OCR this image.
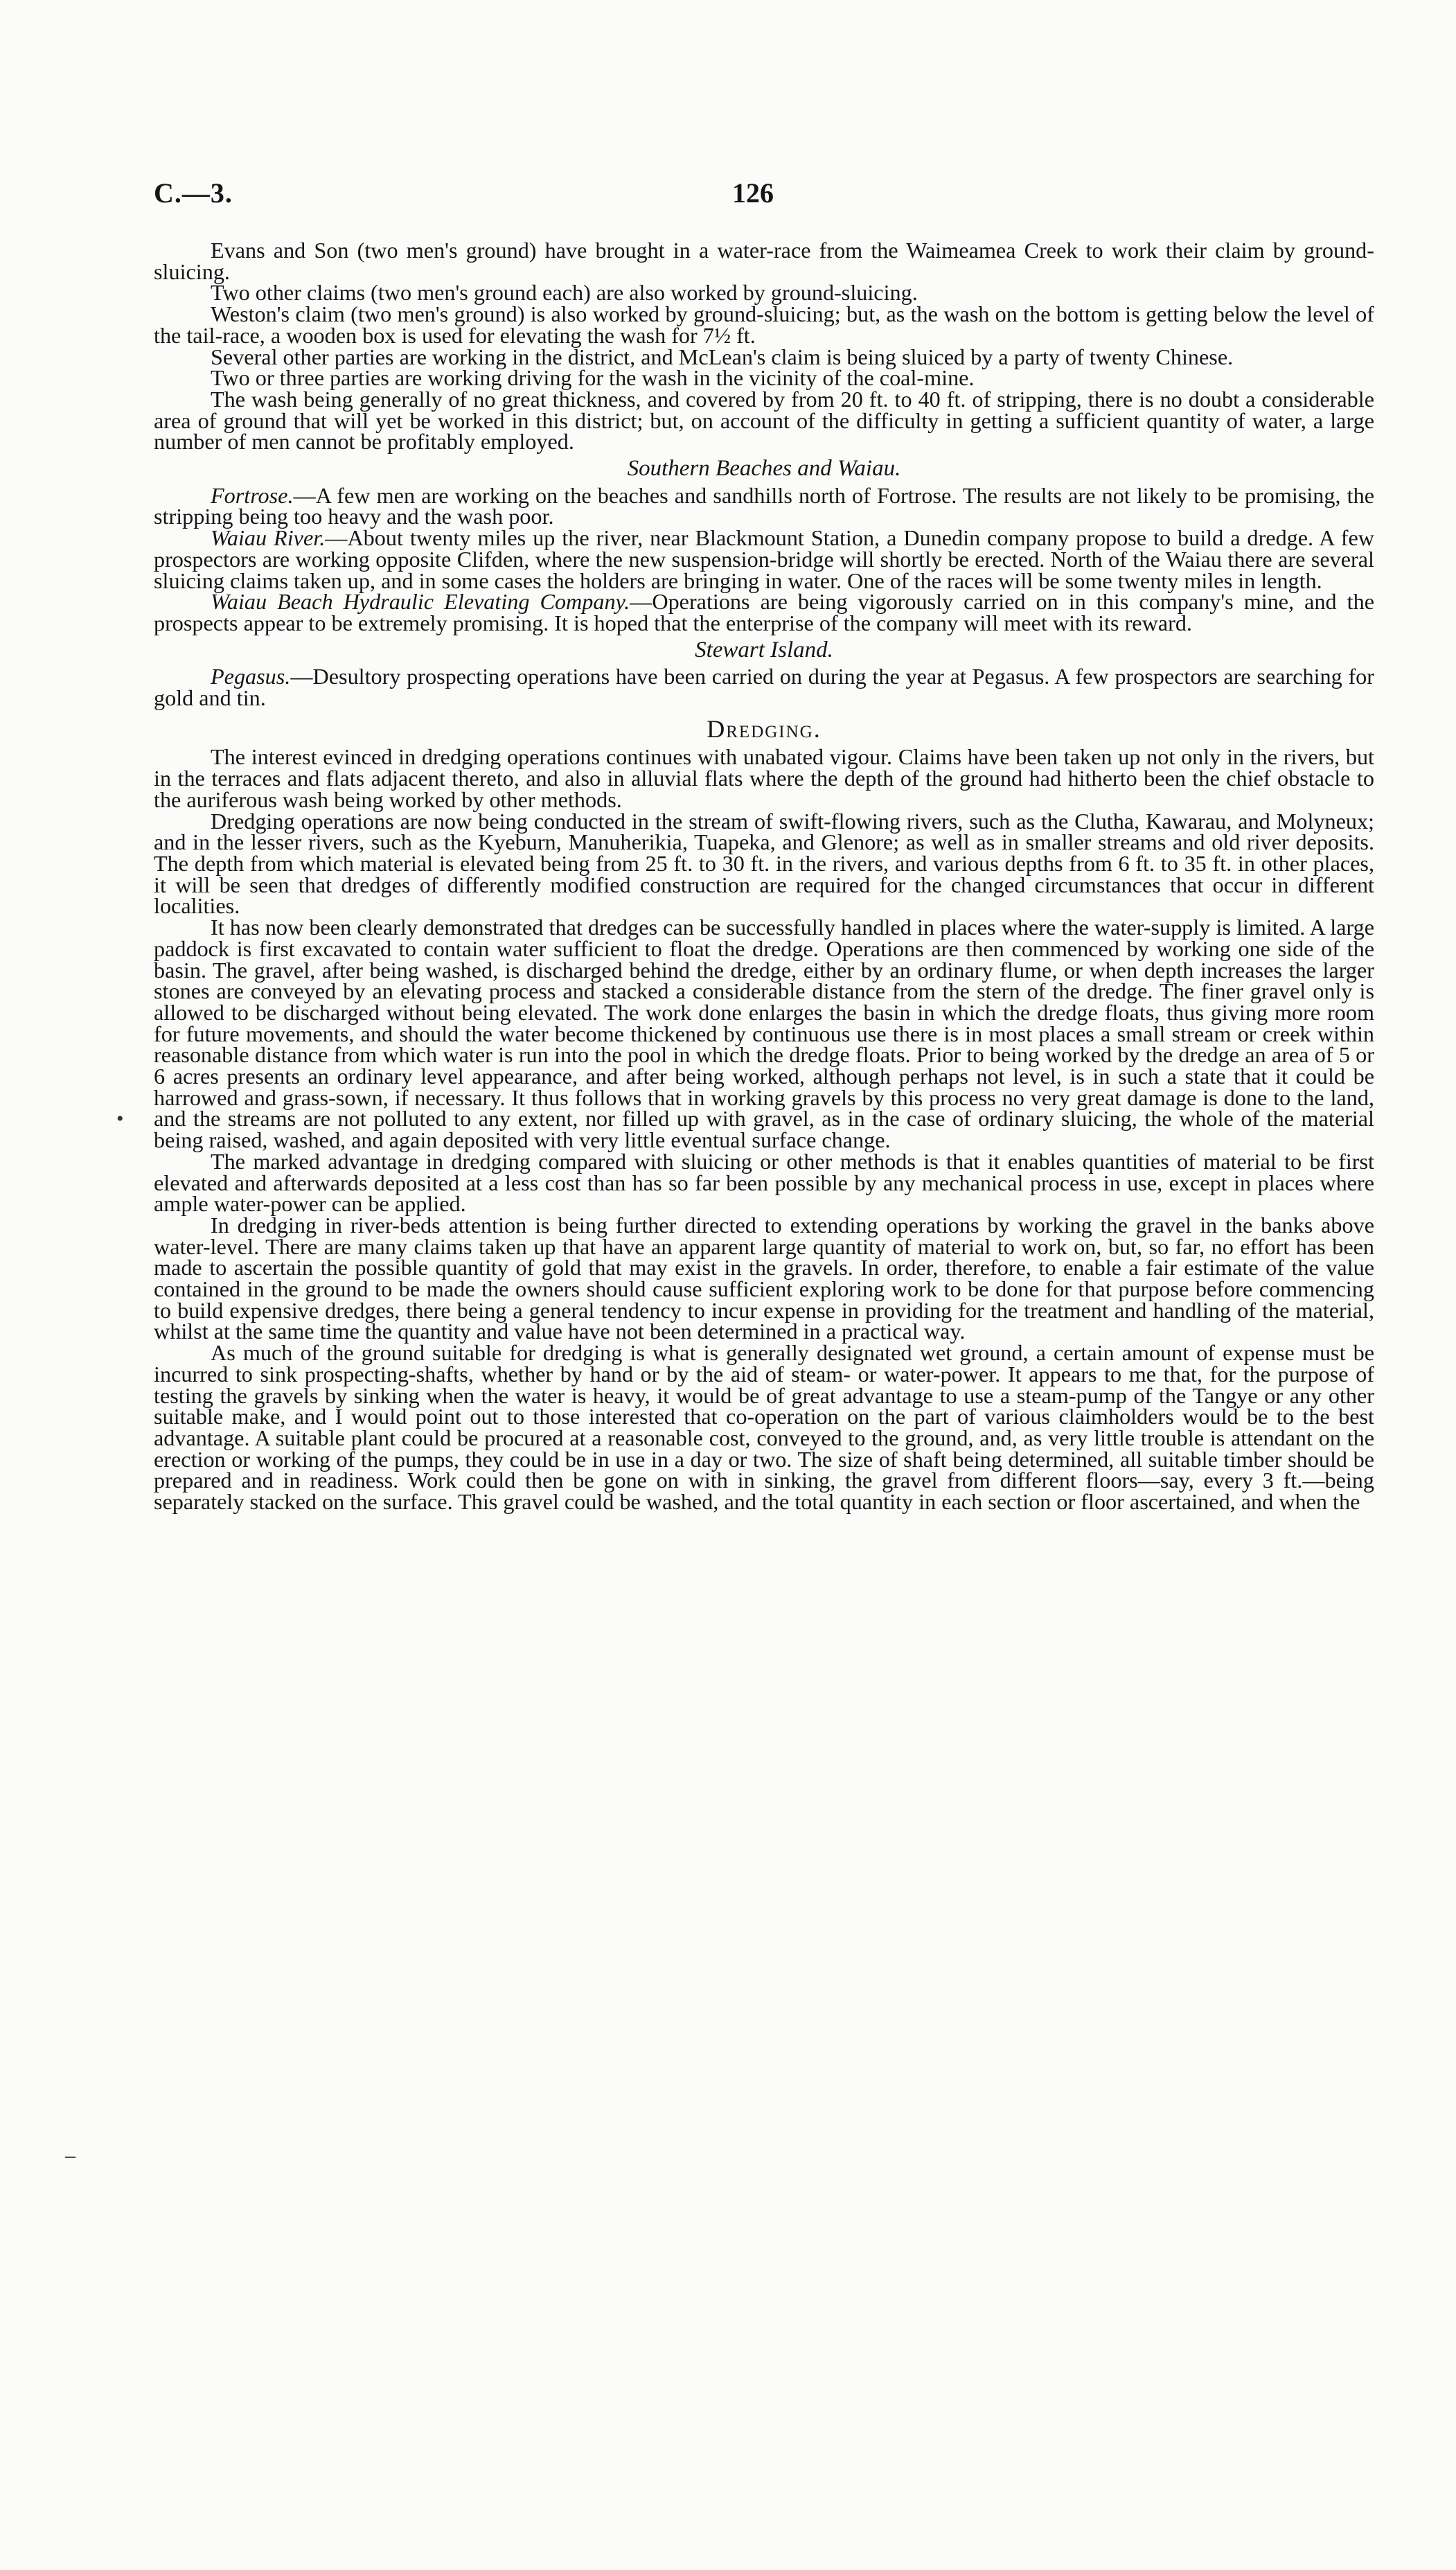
C.—3.	126

Evans and Son (two men's ground) have brought in a water-race from the Waimeamea Creek to work their claim by ground-sluicing.

Two other claims (two men's ground each) are also worked by ground-sluicing.

Weston's claim (two men's ground) is also worked by ground-sluicing; but, as the wash on the bottom is getting below the level of the tail-race, a wooden box is used for elevating the wash for 7½ ft.

Several other parties are working in the district, and McLean's claim is being sluiced by a party of twenty Chinese.

Two or three parties are working driving for the wash in the vicinity of the coal-mine.

The wash being generally of no great thickness, and covered by from 20 ft. to 40 ft. of stripping, there is no doubt a considerable area of ground that will yet be worked in this district; but, on account of the difficulty in getting a sufficient quantity of water, a large number of men cannot be profitably employed.

Southern Beaches and Waiau.

Fortrose.—A few men are working on the beaches and sandhills north of Fortrose. The results are not likely to be promising, the stripping being too heavy and the wash poor.

Waiau River.—About twenty miles up the river, near Blackmount Station, a Dunedin company propose to build a dredge. A few prospectors are working opposite Clifden, where the new suspension-bridge will shortly be erected. North of the Waiau there are several sluicing claims taken up, and in some cases the holders are bringing in water. One of the races will be some twenty miles in length.

Waiau Beach Hydraulic Elevating Company.—Operations are being vigorously carried on in this company's mine, and the prospects appear to be extremely promising. It is hoped that the enterprise of the company will meet with its reward.

Stewart Island.

Pegasus.—Desultory prospecting operations have been carried on during the year at Pegasus. A few prospectors are searching for gold and tin.

Dredging.

The interest evinced in dredging operations continues with unabated vigour. Claims have been taken up not only in the rivers, but in the terraces and flats adjacent thereto, and also in alluvial flats where the depth of the ground had hitherto been the chief obstacle to the auriferous wash being worked by other methods.

Dredging operations are now being conducted in the stream of swift-flowing rivers, such as the Clutha, Kawarau, and Molyneux; and in the lesser rivers, such as the Kyeburn, Manuherikia, Tuapeka, and Glenore; as well as in smaller streams and old river deposits. The depth from which material is elevated being from 25 ft. to 30 ft. in the rivers, and various depths from 6 ft. to 35 ft. in other places, it will be seen that dredges of differently modified construction are required for the changed circumstances that occur in different localities.

It has now been clearly demonstrated that dredges can be successfully handled in places where the water-supply is limited. A large paddock is first excavated to contain water sufficient to float the dredge. Operations are then commenced by working one side of the basin. The gravel, after being washed, is discharged behind the dredge, either by an ordinary flume, or when depth increases the larger stones are conveyed by an elevating process and stacked a considerable distance from the stern of the dredge. The finer gravel only is allowed to be discharged without being elevated. The work done enlarges the basin in which the dredge floats, thus giving more room for future movements, and should the water become thickened by continuous use there is in most places a small stream or creek within reasonable distance from which water is run into the pool in which the dredge floats. Prior to being worked by the dredge an area of 5 or 6 acres presents an ordinary level appearance, and after being worked, although perhaps not level, is in such a state that it could be harrowed and grass-sown, if necessary. It thus follows that in working gravels by this process no very great damage is done to the land, and the streams are not polluted to any extent, nor filled up with gravel, as in the case of ordinary sluicing, the whole of the material being raised, washed, and again deposited with very little eventual surface change.

The marked advantage in dredging compared with sluicing or other methods is that it enables quantities of material to be first elevated and afterwards deposited at a less cost than has so far been possible by any mechanical process in use, except in places where ample water-power can be applied.

In dredging in river-beds attention is being further directed to extending operations by working the gravel in the banks above water-level. There are many claims taken up that have an apparent large quantity of material to work on, but, so far, no effort has been made to ascertain the possible quantity of gold that may exist in the gravels. In order, therefore, to enable a fair estimate of the value contained in the ground to be made the owners should cause sufficient exploring work to be done for that purpose before commencing to build expensive dredges, there being a general tendency to incur expense in providing for the treatment and handling of the material, whilst at the same time the quantity and value have not been determined in a practical way.

As much of the ground suitable for dredging is what is generally designated wet ground, a certain amount of expense must be incurred to sink prospecting-shafts, whether by hand or by the aid of steam- or water-power. It appears to me that, for the purpose of testing the gravels by sinking when the water is heavy, it would be of great advantage to use a steam-pump of the Tangye or any other suitable make, and I would point out to those interested that co-operation on the part of various claimholders would be to the best advantage. A suitable plant could be procured at a reasonable cost, conveyed to the ground, and, as very little trouble is attendant on the erection or working of the pumps, they could be in use in a day or two. The size of shaft being determined, all suitable timber should be prepared and in readiness. Work could then be gone on with in sinking, the gravel from different floors—say, every 3 ft.—being separately stacked on the surface. This gravel could be washed, and the total quantity in each section or floor ascertained, and when the

•
–
